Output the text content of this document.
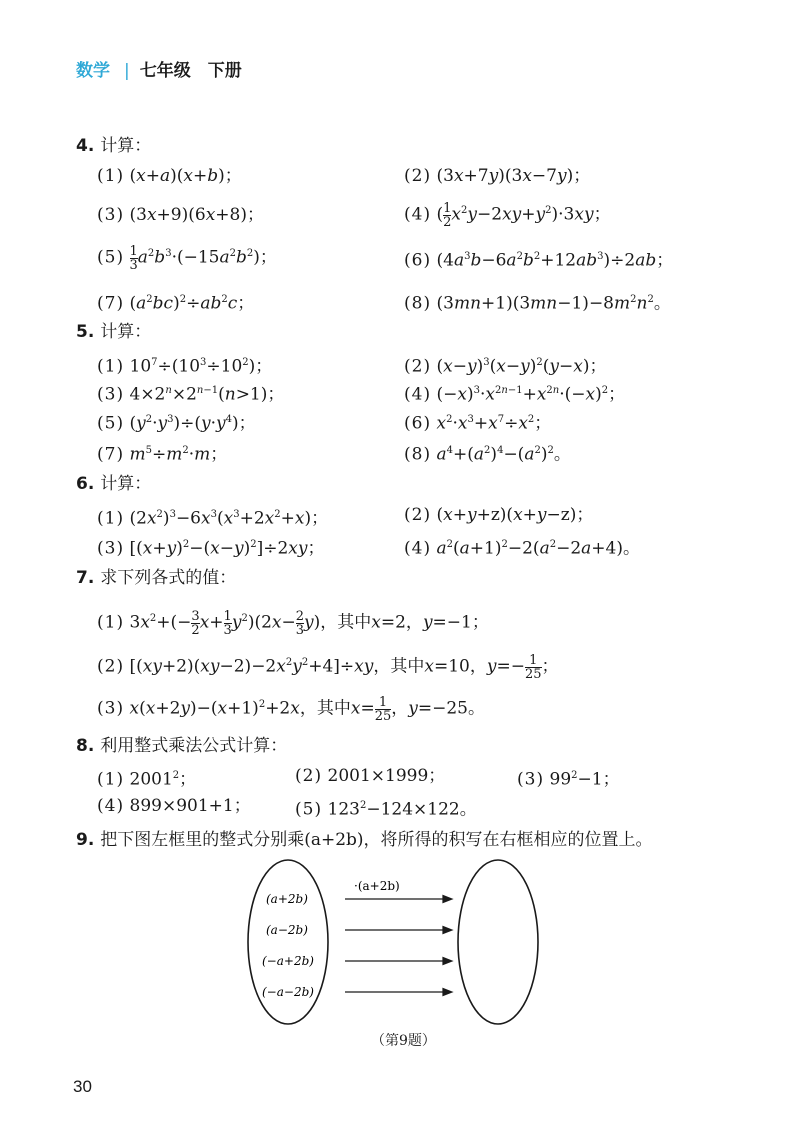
数学 | 七年级　下册
4. 计算：
(1) (x+a)(x+b)；	(2) (3x+7y)(3x−7y)；
(3) (3x+9)(6x+8)；	(4) ( $\frac{1}{2} x^2y-2xy+y^2)\cdot 3xy$；
$(5) \frac{1}{3} a^2b^3\cdot(-15a^2b^2)$；	(6) $(4a^3b-6a^2b^2+12ab^3)\div 2ab$；
(7) $(a^2bc)^2\div ab^2c$；	(8) $(3mn+1)(3mn-1)-8m^2n^2$。
5. 计算：
(1) $10^7\div(10^3\div 10^2)$；	(2) $(x-y)^3(x-y)^2(y-x)$；
(3) $4\times 2^n\times 2^{n-1}(n>1)$；	(4) $(-x)^3\cdot x^{2n-1}+x^{2n}\cdot(-x)^2$；
(5) $(y^2\cdot y^3)\div(y\cdot y^4)$；	(6) $x^2\cdot x^3+x^7\div x^2$；
(7) $m^5\div m^2\cdot m$；	(8) $a^4+(a^2)^4-(a^2)^2$。
6. 计算：
(1) $(2x^2)^3-6x^3(x^3+2x^2+x)$；	(2) (x+y+z)(x+y−z)；
(3) $[(x+y)^2-(x-y)^2]\div 2xy$；	(4) $a^2(a+1)^2-2(a^2-2a+4)$。
7. 求下列各式的值：
(1) $3x^2+(- \frac{3}{2} x+ \frac{1}{3} y^2)(2x- \frac{2}{3} y)$，其中x=2，y=−1；
(2) $[(xy+2)(xy-2)-2x^2y^2+4]\div xy$，其中x=10，$y=- \frac{1}{25}$ ；
(3) $x(x+2y)-(x+1)^2+2x$，其中$x= \frac{1}{25}$ ，y=−25。
8. 利用整式乘法公式计算：
(1) 2001$^2$；	(2) 2001×1999；	(3) $99^2-1$；
(4) 899×901+1；	(5) $123^2-124\times 122$。
9. 把下图左框里的整式分别乘(a+2b)，将所得的积写在右框相应的位置上。
·(a+2b)
(a+2b)
(a−2b)
(−a+2b)
(−a−2b)
（第9题）
30
